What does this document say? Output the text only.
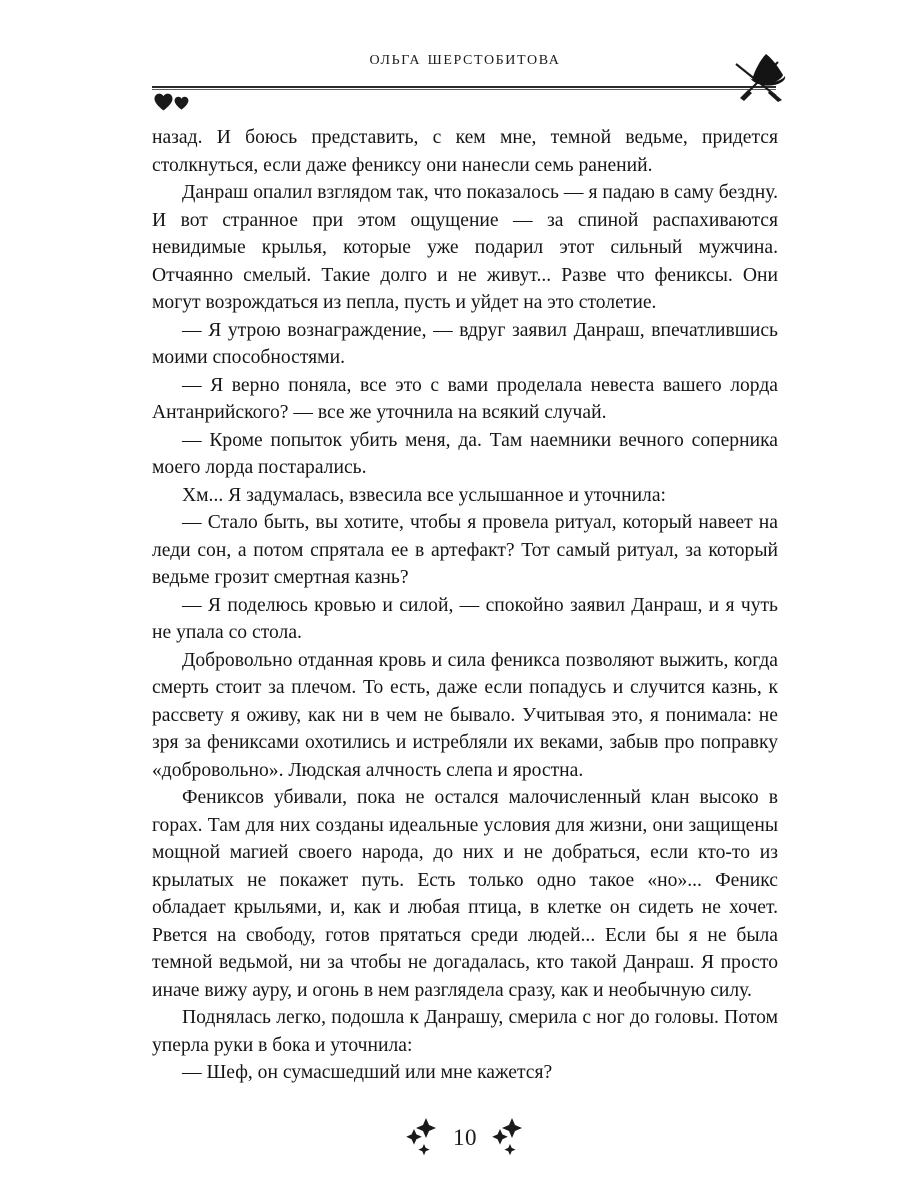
ольга шерстобитова

назад. И боюсь представить, с кем мне, темной ведьме, придется столкнуться, если даже фениксу они нанесли семь ранений.

Данраш опалил взглядом так, что показалось — я падаю в саму бездну. И вот странное при этом ощущение — за спиной распахиваются невидимые крылья, которые уже подарил этот сильный мужчина. Отчаянно смелый. Такие долго и не живут... Разве что фениксы. Они могут возрождаться из пепла, пусть и уйдет на это столетие.

— Я утрою вознаграждение, — вдруг заявил Данраш, впечатлившись моими способностями.

— Я верно поняла, все это с вами проделала невеста вашего лорда Антанрийского? — все же уточнила на всякий случай.

— Кроме попыток убить меня, да. Там наемники вечного соперника моего лорда постарались.

Хм... Я задумалась, взвесила все услышанное и уточнила:

— Стало быть, вы хотите, чтобы я провела ритуал, который навеет на леди сон, а потом спрятала ее в артефакт? Тот самый ритуал, за который ведьме грозит смертная казнь?

— Я поделюсь кровью и силой, — спокойно заявил Данраш, и я чуть не упала со стола.

Добровольно отданная кровь и сила феникса позволяют выжить, когда смерть стоит за плечом. То есть, даже если попадусь и случится казнь, к рассвету я оживу, как ни в чем не бывало. Учитывая это, я понимала: не зря за фениксами охотились и истребляли их веками, забыв про поправку «добровольно». Людская алчность слепа и яростна.

Фениксов убивали, пока не остался малочисленный клан высоко в горах. Там для них созданы идеальные условия для жизни, они защищены мощной магией своего народа, до них и не добраться, если кто-то из крылатых не покажет путь. Есть только одно такое «но»... Феникс обладает крыльями, и, как и любая птица, в клетке он сидеть не хочет. Рвется на свободу, готов прятаться среди людей... Если бы я не была темной ведьмой, ни за чтобы не догадалась, кто такой Данраш. Я просто иначе вижу ауру, и огонь в нем разглядела сразу, как и необычную силу.

Поднялась легко, подошла к Данрашу, смерила с ног до головы. Потом уперла руки в бока и уточнила:

— Шеф, он сумасшедший или мне кажется?

10
